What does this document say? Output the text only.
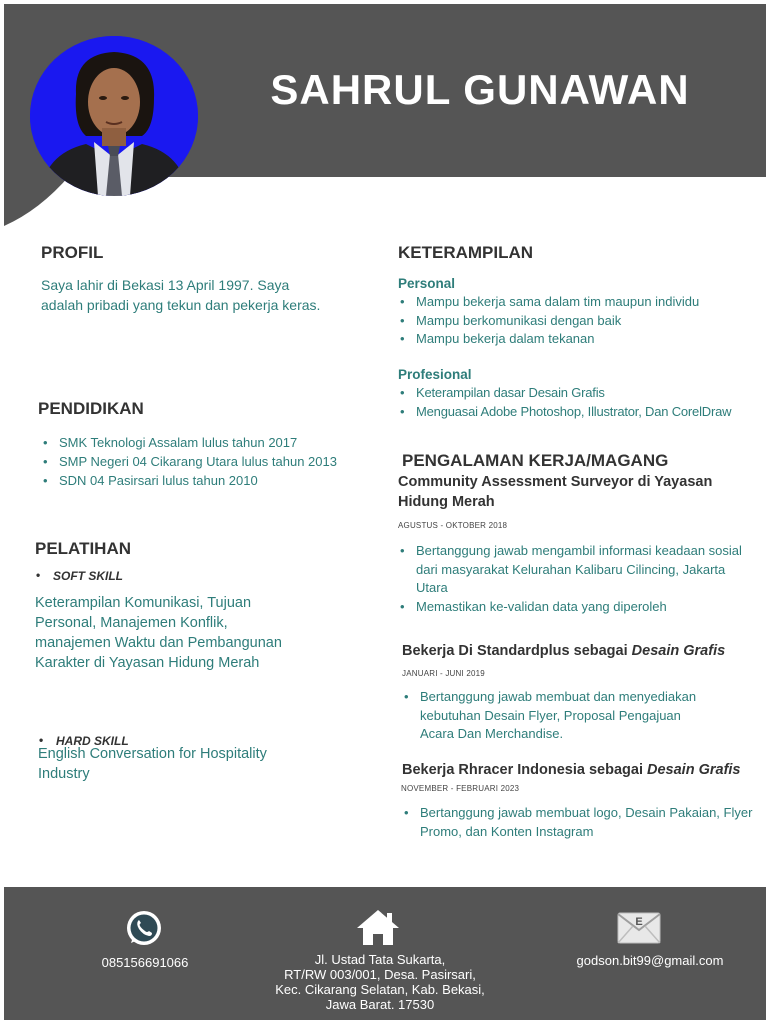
SAHRUL GUNAWAN
PROFIL
Saya lahir di Bekasi 13 April 1997. Saya adalah pribadi yang tekun dan pekerja keras.
PENDIDIKAN
• SMK Teknologi Assalam lulus tahun 2017
• SMP Negeri 04 Cikarang Utara lulus tahun 2013
• SDN 04 Pasirsari lulus tahun 2010
PELATIHAN
• SOFT SKILL
Keterampilan Komunikasi, Tujuan Personal, Manajemen Konflik, manajemen Waktu dan Pembangunan Karakter di Yayasan Hidung Merah
• HARD SKILL
English Conversation for Hospitality Industry
KETERAMPILAN
Personal
• Mampu bekerja sama dalam tim maupun individu
• Mampu berkomunikasi dengan baik
• Mampu bekerja dalam tekanan
Profesional
• Keterampilan dasar Desain Grafis
• Menguasai Adobe Photoshop, Illustrator, Dan CorelDraw
PENGALAMAN KERJA/MAGANG
Community Assessment Surveyor di Yayasan Hidung Merah
AGUSTUS - OKTOBER 2018
• Bertanggung jawab mengambil informasi keadaan sosial dari masyarakat Kelurahan Kalibaru Cilincing, Jakarta Utara
• Memastikan ke-validan data yang diperoleh
Bekerja Di Standardplus sebagai Desain Grafis
JANUARI - JUNI 2019
• Bertanggung jawab membuat dan menyediakan kebutuhan Desain Flyer, Proposal Pengajuan Acara Dan Merchandise.
Bekerja Rhracer Indonesia sebagai Desain Grafis
NOVEMBER - FEBRUARI 2023
• Bertanggung jawab membuat logo, Desain Pakaian, Flyer Promo, dan Konten Instagram
085156691066	Jl. Ustad Tata Sukarta,
RT/RW 003/001, Desa. Pasirsari,
Kec. Cikarang Selatan, Kab. Bekasi,
Jawa Barat. 17530
E
godson.bit99@gmail.com
